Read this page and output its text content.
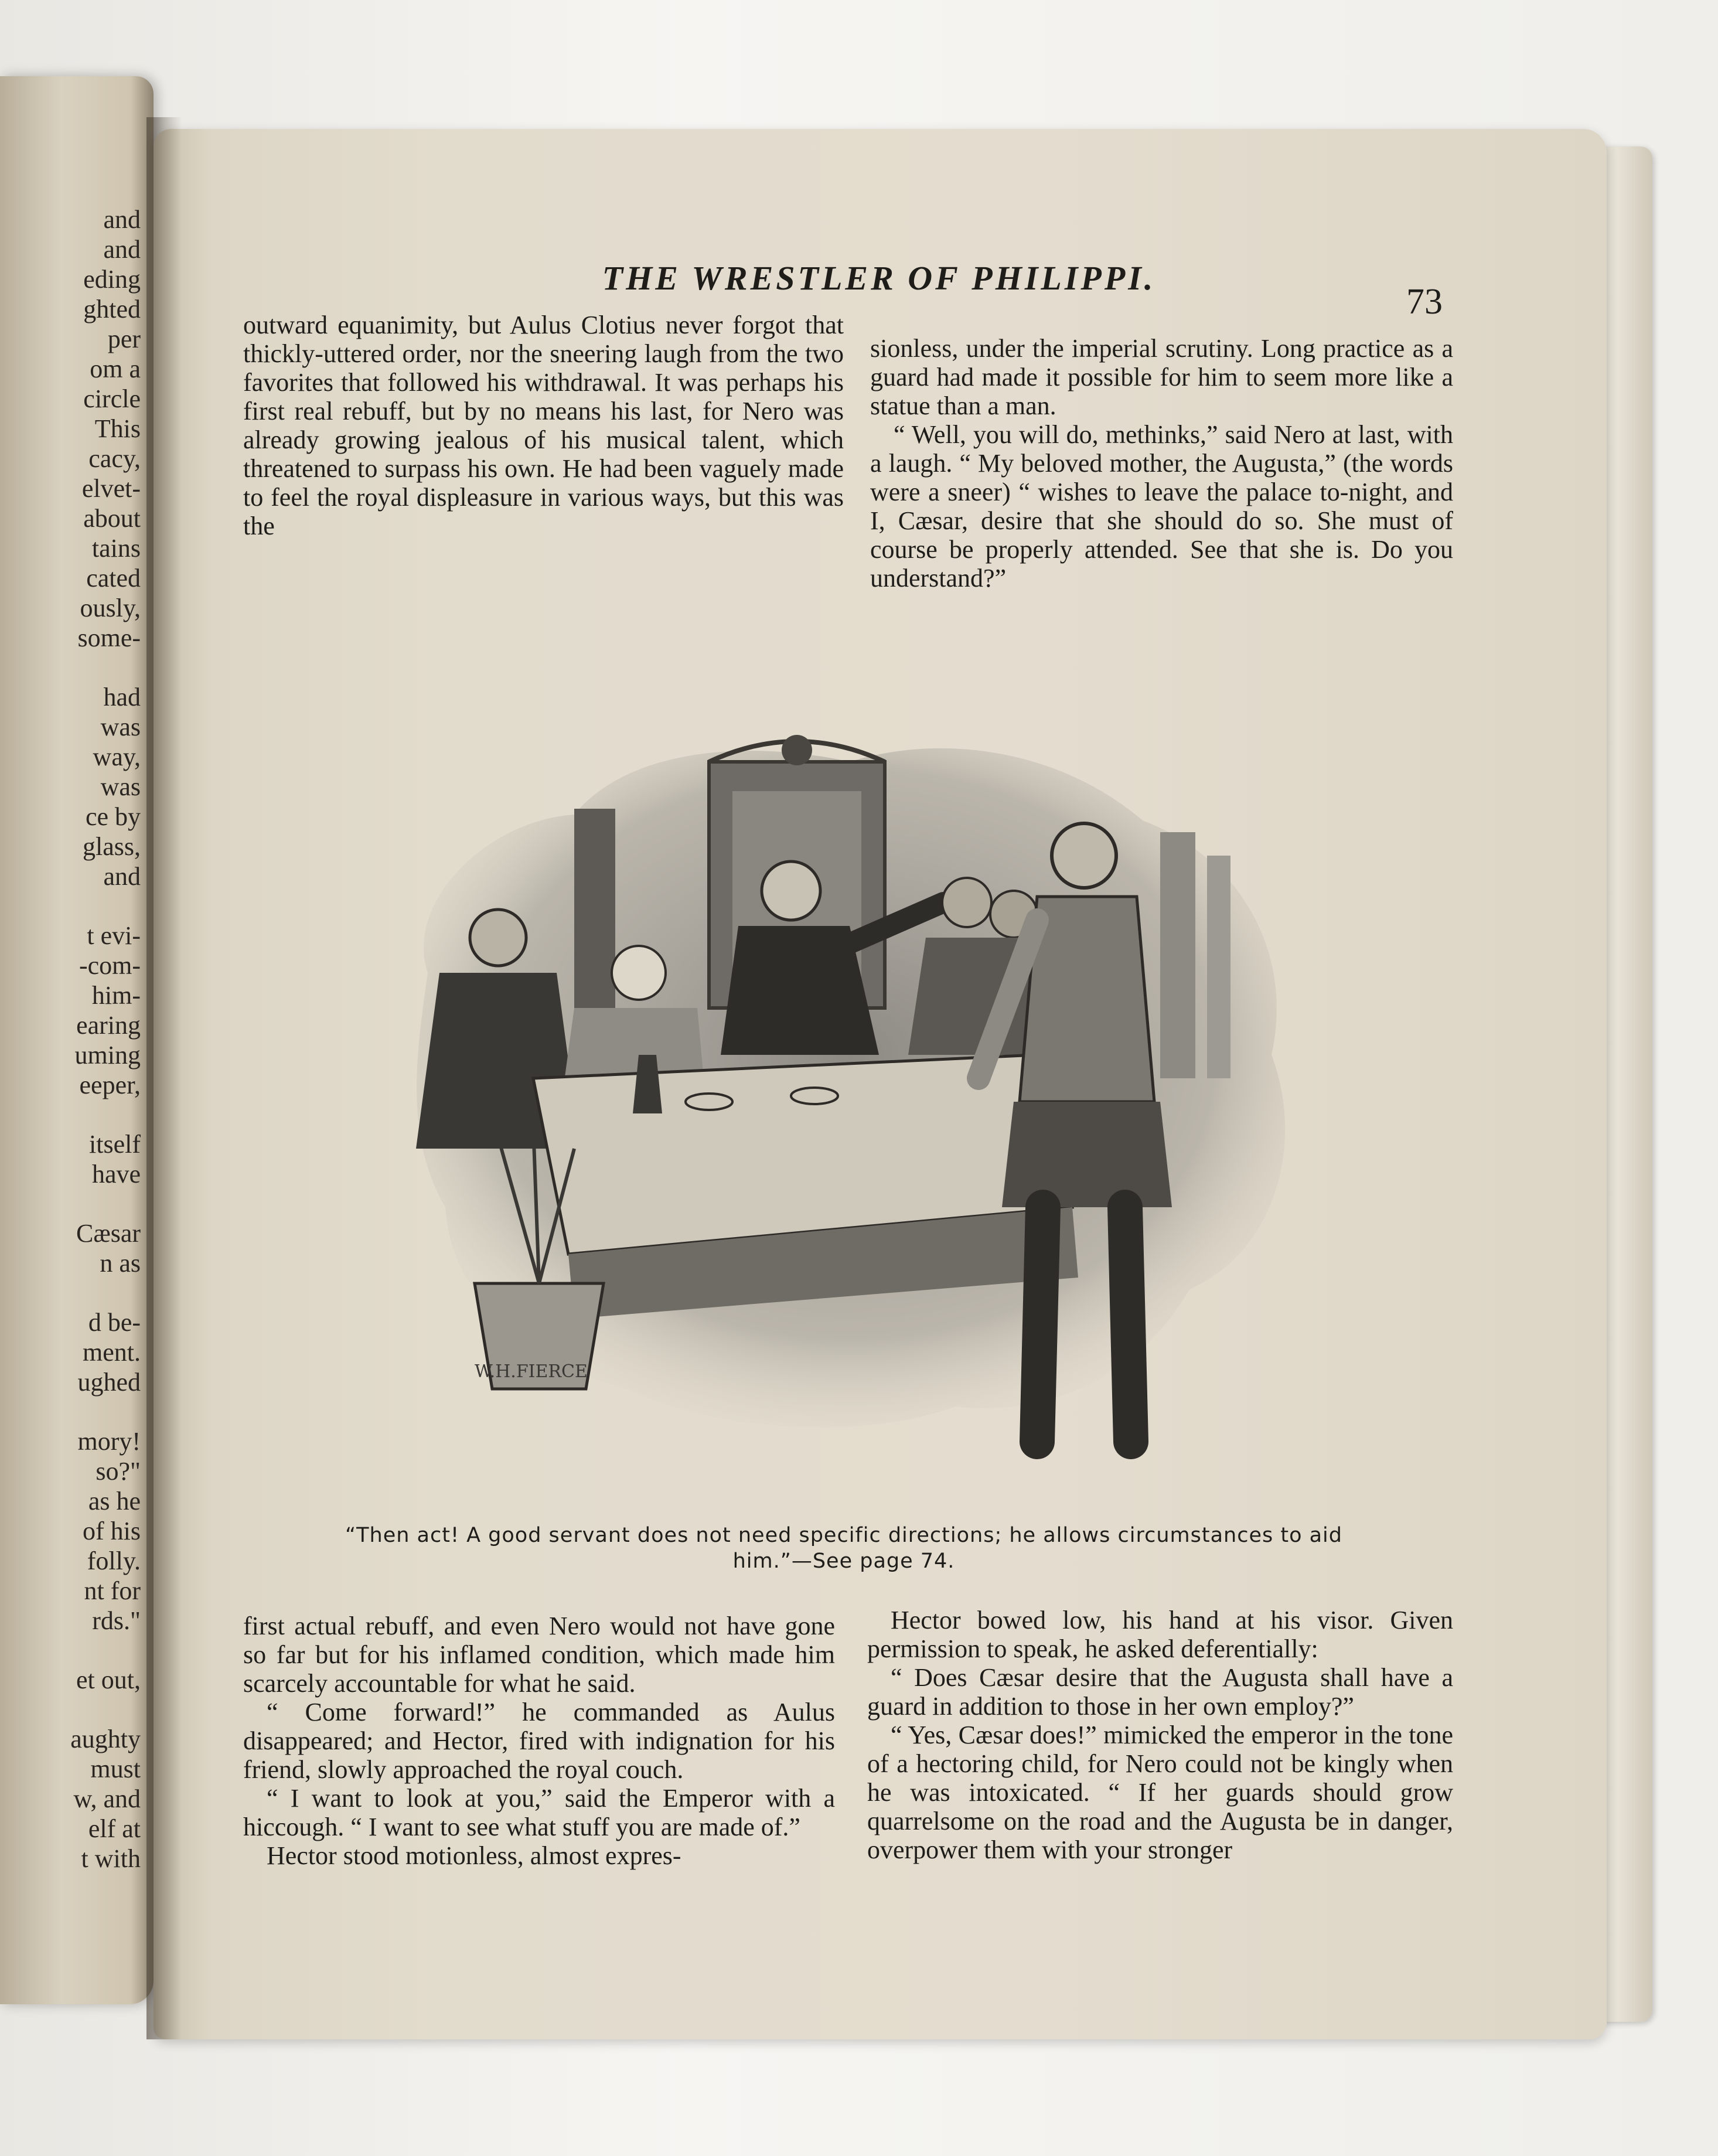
and
and
eding
ghted
per
om a
circle
This
cacy,
elvet-
about
tains
cated
ously,
some-
had
was
way,
was
ce by
glass,
and
t evi-
-com-
him-
earing
uming
eeper,
itself
have
Cæsar
n as
d be-
ment.
ughed
mory!
so?"
as he
of his
folly.
nt for
rds."
et out,
aughty
must
w, and
elf at
t with
THE WRESTLER OF PHILIPPI.
73

outward equanimity, but Aulus Clotius never forgot that thickly-uttered order, nor the sneering laugh from the two favorites that followed his withdrawal. It was perhaps his first real rebuff, but by no means his last, for Nero was already growing jealous of his musical talent, which threatened to surpass his own. He had been vaguely made to feel the royal displeasure in various ways, but this was the

sionless, under the imperial scrutiny. Long practice as a guard had made it possible for him to seem more like a statue than a man.

“ Well, you will do, methinks,” said Nero at last, with a laugh. “ My beloved mother, the Augusta,” (the words were a sneer) “ wishes to leave the palace to-night, and I, Cæsar, desire that she should do so. She must of course be properly attended. See that she is. Do you understand?”

W.H.FIERCE
“Then act! A good servant does not need specific directions; he allows circumstances to aid him.”—See page 74.

first actual rebuff, and even Nero would not have gone so far but for his inflamed condition, which made him scarcely accountable for what he said.

“ Come forward!” he commanded as Aulus disappeared; and Hector, fired with indignation for his friend, slowly approached the royal couch.

“ I want to look at you,” said the Emperor with a hiccough. “ I want to see what stuff you are made of.”

Hector stood motionless, almost expres-

Hector bowed low, his hand at his visor. Given permission to speak, he asked deferentially:

“ Does Cæsar desire that the Augusta shall have a guard in addition to those in her own employ?”

“ Yes, Cæsar does!” mimicked the emperor in the tone of a hectoring child, for Nero could not be kingly when he was intoxicated. “ If her guards should grow quarrelsome on the road and the Augusta be in danger, overpower them with your stronger
